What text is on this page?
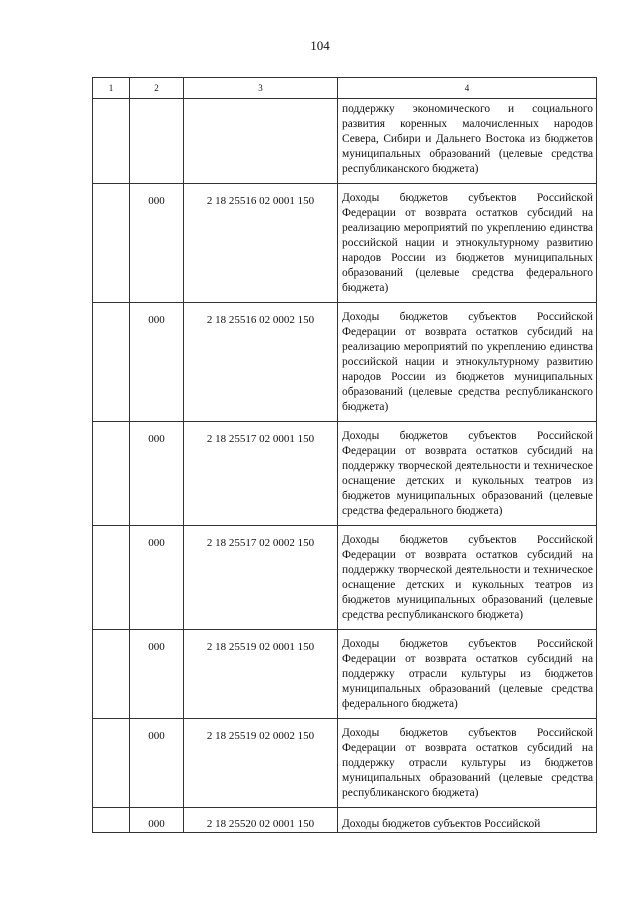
104
1	2	3	4
			поддержку экономического и социального развития коренных малочисленных народов Севера, Сибири и Дальнего Востока из бюджетов муниципальных образований (целевые средства республиканского бюджета)
	000	2 18 25516 02 0001 150	Доходы бюджетов субъектов Российской Федерации от возврата остатков субсидий на реализацию мероприятий по укреплению единства российской нации и этнокультурному развитию народов России из бюджетов муниципальных образований (целевые средства федерального бюджета)
	000	2 18 25516 02 0002 150	Доходы бюджетов субъектов Российской Федерации от возврата остатков субсидий на реализацию мероприятий по укреплению единства российской нации и этнокультурному развитию народов России из бюджетов муниципальных образований (целевые средства республиканского бюджета)
	000	2 18 25517 02 0001 150	Доходы бюджетов субъектов Российской Федерации от возврата остатков субсидий на поддержку творческой деятельности и техническое оснащение детских и кукольных театров из бюджетов муниципальных образований (целевые средства федерального бюджета)
	000	2 18 25517 02 0002 150	Доходы бюджетов субъектов Российской Федерации от возврата остатков субсидий на поддержку творческой деятельности и техническое оснащение детских и кукольных театров из бюджетов муниципальных образований (целевые средства республиканского бюджета)
	000	2 18 25519 02 0001 150	Доходы бюджетов субъектов Российской Федерации от возврата остатков субсидий на поддержку отрасли культуры из бюджетов муниципальных образований (целевые средства федерального бюджета)
	000	2 18 25519 02 0002 150	Доходы бюджетов субъектов Российской Федерации от возврата остатков субсидий на поддержку отрасли культуры из бюджетов муниципальных образований (целевые средства республиканского бюджета)
	000	2 18 25520 02 0001 150	Доходы бюджетов субъектов Российской
